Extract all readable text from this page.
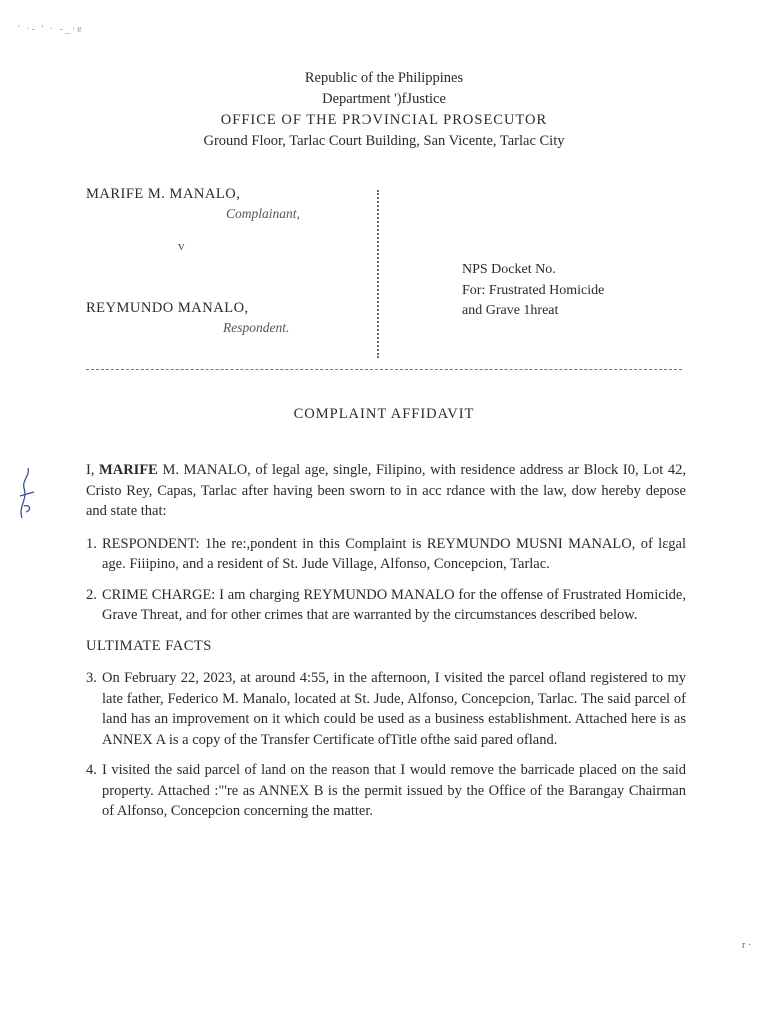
' ·- ' · -_·e
Republic of the Philippines
Department ')fJustice
OFFICE OF THE PRϽVINCIAL PROSECUTOR
Ground Floor, Tarlac Court Building, San Vicente, Tarlac City
MARIFE M. MANALO,
Complainant,
v
REYMUNDO MANALO,
Respondent.
NPS Docket No.
For: Frustrated Homicide
and Grave 1hreat
COMPLAINT AFFIDAVIT

I, MARIFE M. MANALO, of legal age, single, Filipino, with residence address ar Block I0, Lot 42, Cristo Rey, Capas, Tarlac after having been sworn to in acc rdance with the law, dow hereby depose and state that:

1. RESPONDENT: 1he re:,pondent in this Complaint is REYMUNDO MUSNI MANALO, of lεgal age. Fiiipino, and a resident of St. Jude Village, Alfonso, Concepcion, Tarlac.
2. CRIME CHARGE: I am charging REYMUNDO MANALO for the offense of Frustrated Homicide, Grave Threat, and for other crimes that are warranted by the circumstances described below.
ULTIMATE FACTS
3. On February 22, 2023, at around 4:55, in the afternoon, I visited the parcel ofland registered to my late father, Federico M. Manalo, located at St. Jude, Alfonso, Concepcion, Tarlac. The said parcel of land has an improvement on it which could be used as a business establishment. Attached here is as ANNEX A is a copy of the Transfer Certificate ofTitle ofthe said pared ofland.
4. I visited the said parcel of land on the reason that I would remove the barricade placed on the said property. Attached :"'re as ANNEX B is the permit issued by the Office of the Barangay Chairman of Alfonso, Concepcion concerning the matter.
r ·
